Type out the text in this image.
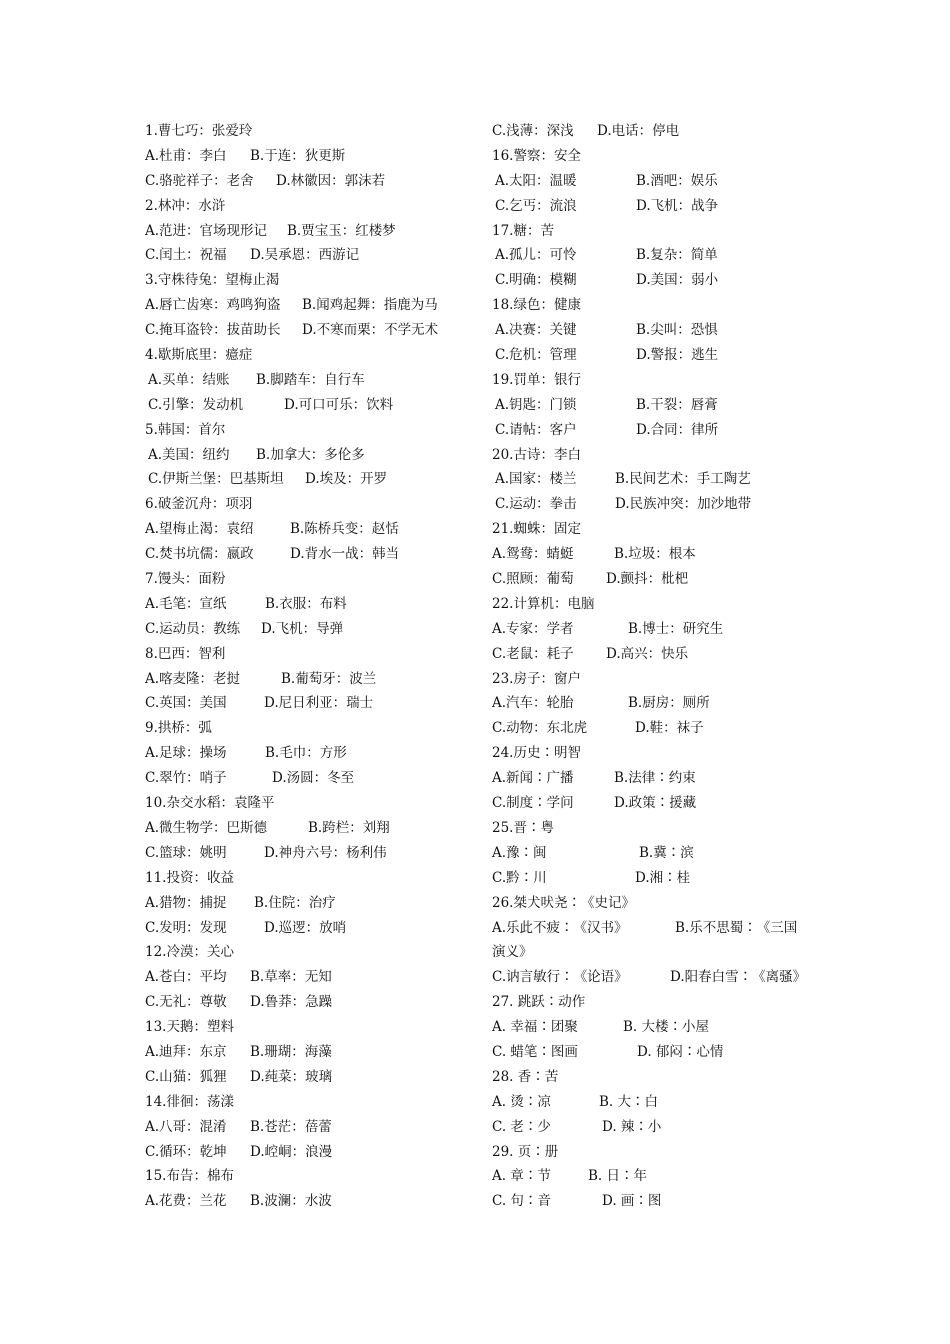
1.曹七巧：张爱玲
A.杜甫：李白 B.于连：狄更斯
C.骆驼祥子：老舍 D.林徽因：郭沫若
2.林冲：水浒
A.范进：官场现形记 B.贾宝玉：红楼梦
C.闰土：祝福 D.吴承恩：西游记
3.守株待兔：望梅止渴
A.唇亡齿寒：鸡鸣狗盗 B.闻鸡起舞：指鹿为马
C.掩耳盗铃：拔苗助长 D.不寒而栗：不学无术
4.歇斯底里：癔症
A.买单：结账 B.脚踏车：自行车
C.引擎：发动机	D.可口可乐：饮料
5.韩国：首尔
A.美国：纽约 B.加拿大：多伦多
C.伊斯兰堡：巴基斯坦 D.埃及：开罗
6.破釜沉舟：项羽
A.望梅止渴：袁绍	B.陈桥兵变：赵恬
C.焚书坑儒：嬴政	D.背水一战：韩当
7.馒头：面粉
A.毛笔：宣纸	B.衣服：布料
C.运动员：教练 D.飞机：导弹
8.巴西：智利
A.喀麦隆：老挝	B.葡萄牙：波兰
C.英国：美国	D.尼日利亚：瑞士
9.拱桥：弧
A.足球：操场	B.毛巾：方形
C.翠竹：哨子	D.汤圆：冬至
10.杂交水稻：袁隆平
A.微生物学：巴斯德	B.跨栏：刘翔
C.篮球：姚明	D.神舟六号：杨利伟
11.投资：收益
A.猎物：捕捉 B.住院：治疗
C.发明：发现	D.巡逻：放哨
12.冷漠：关心
A.苍白：平均 B.草率：无知
C.无礼：尊敬 D.鲁莽：急躁
13.天鹅：塑料
A.迪拜：东京 B.珊瑚：海藻
C.山猫：狐狸 D.莼菜：玻璃
14.徘徊：荡漾
A.八哥：混淆 B.苍茫：蓓蕾
C.循环：乾坤 D.崆峒：浪漫
15.布告：棉布
A.花费：兰花 B.波澜：水波
C.浅薄：深浅 D.电话：停电
16.警察：安全
A.太阳：温暖	B.酒吧：娱乐
C.乞丐：流浪	D.飞机：战争
17.糖：苦
A.孤儿：可怜	B.复杂：简单
C.明确：模糊	D.美国：弱小
18.绿色：健康
A.决赛：关键	B.尖叫：恐惧
C.危机：管理	D.警报：逃生
19.罚单：银行
A.钥匙：门锁	B.干裂：唇膏
C.请帖：客户	D.合同：律所
20.古诗：李白
A.国家：楼兰	B.民间艺术：手工陶艺
C.运动：拳击	D.民族冲突：加沙地带
21.蜘蛛：固定
A.鸳鸯：蜻蜓	B.垃圾：根本
C.照顾：葡萄 D.颤抖：枇杷
22.计算机：电脑
A.专家：学者	B.博士：研究生
C.老鼠：耗子 D.高兴：快乐
23.房子：窗户
A.汽车：轮胎	B.厨房：厕所
C.动物：东北虎	D.鞋：袜子
24.历史∶明智
A.新闻∶广播	B.法律∶约束
C.制度∶学问	D.政策∶援藏
25.晋∶粤
A.豫∶闽	B.冀∶滨
C.黔∶川	D.湘∶桂
26.桀犬吠尧∶《史记》
A.乐此不疲∶《汉书》	B.乐不思蜀∶《三国
演义》
C.讷言敏行∶《论语》	D.阳春白雪∶《离骚》
27. 跳跃∶动作
A. 幸福∶团聚	B. 大楼∶小屋
C. 蜡笔∶图画	D. 郁闷∶心情
28. 香∶苦
A. 烫∶凉	B. 大∶白
C. 老∶少	D. 辣∶小
29. 页∶册
A. 章∶节	B. 日∶年
C. 句∶音	D. 画∶图
